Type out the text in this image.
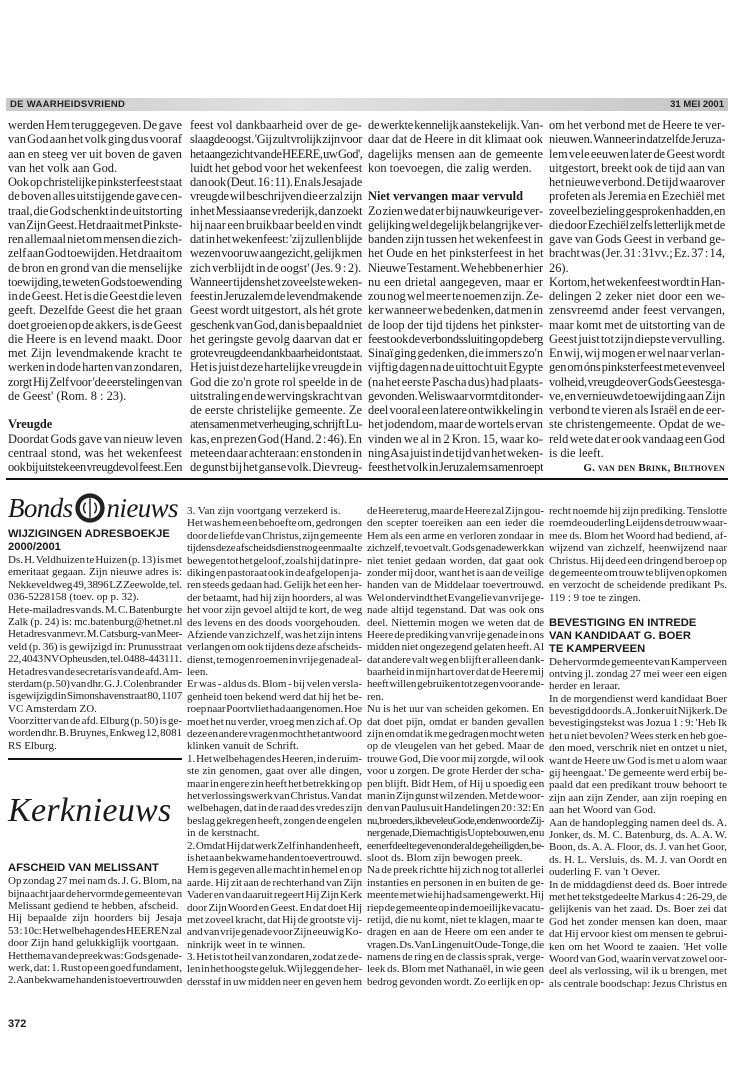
DE WAARHEIDSVRIEND	31 MEI 2001
werden Hem teruggegeven. De gave
van God aan het volk ging dus vooraf
aan en steeg ver uit boven de gaven
van het volk aan God.
Ook op christelijke pinksterfeest staat
de boven alles uitstijgende gave cen-
traal, die God schenkt in de uitstorting
van Zijn Geest. Het draait met Pinkste-
ren allemaal niet om mensen die zich-
zelf aan God toewijden. Het draait om
de bron en grond van die menselijke
toewijding, te weten Gods toewending
in de Geest. Het is die Geest die leven
geeft. Dezelfde Geest die het graan
doet groeien op de akkers, is de Geest
die Heere is en levend maakt. Door
met Zijn levendmakende kracht te
werken in dode harten van zondaren,
zorgt Hij Zelf voor 'de eerstelingen van
de Geest' (Rom. 8 : 23).
Vreugde
Doordat Gods gave van nieuw leven
centraal stond, was het wekenfeest
ook bij uitstek een vreugdevol feest. Een
feest vol dankbaarheid over de ge-
slaagde oogst. 'Gij zult vrolijk zijn voor
het aangezicht van de HEERE, uw God',
luidt het gebod voor het wekenfeest
dan ook (Deut. 16 : 11). En als Jesaja de
vreugde wil beschrijven die er zal zijn
in het Messiaanse vrederijk, dan zoekt
hij naar een bruikbaar beeld en vindt
dat in het wekenfeest: 'zij zullen blijde
wezen voor uw aangezicht, gelijk men
zich verblijdt in de oogst' (Jes. 9 : 2).
Wanneer tijdens het zoveelste weken-
feest in Jeruzalem de levendmakende
Geest wordt uitgestort, als hét grote
geschenk van God, dan is bepaald niet
het geringste gevolg daarvan dat er
grote vreugde en dankbaarheid ontstaat.
Het is juist deze hartelijke vreugde in
God die zo'n grote rol speelde in de
uitstraling en de wervingskracht van
de eerste christelijke gemeente. Ze
aten samen met verheuging, schrijft Lu-
kas, en prezen God (Hand. 2 : 46). En
meteen daar achteraan: en stonden in
de gunst bij het ganse volk. Die vreug-
de werkte kennelijk aanstekelijk. Van-
daar dat de Heere in dit klimaat ook
dagelijks mensen aan de gemeente
kon toevoegen, die zalig werden.
Niet vervangen maar vervuld
Zo zien we dat er bij nauwkeurige ver-
gelijking wel degelijk belangrijke ver-
banden zijn tussen het wekenfeest in
het Oude en het pinksterfeest in het
Nieuwe Testament. We hebben er hier
nu een drietal aangegeven, maar er
zou nog wel meer te noemen zijn. Ze-
ker wanneer we bedenken, dat men in
de loop der tijd tijdens het pinkster-
feest ook de verbondssluiting op de berg
Sinaï ging gedenken, die immers zo'n
vijftig dagen na de uittocht uit Egypte
(na het eerste Pascha dus) had plaats-
gevonden. Weliswaar vormt dit onder-
deel vooral een latere ontwikkeling in
het jodendom, maar de wortels ervan
vinden we al in 2 Kron. 15, waar ko-
ning Asa juist in de tijd van het weken-
feest het volk in Jeruzalem samenroept
om het verbond met de Heere te ver-
nieuwen. Wanneer in datzelfde Jeruza-
lem vele eeuwen later de Geest wordt
uitgestort, breekt ook de tijd aan van
het nieuwe verbond. De tijd waarover
profeten als Jeremia en Ezechiël met
zoveel bezieling gesproken hadden, en
die door Ezechiël zelfs letterlijk met de
gave van Gods Geest in verband ge-
bracht was (Jer. 31 : 31vv.; Ez. 37 : 14,
26).
Kortom, het wekenfeest wordt in Han-
delingen 2 zeker niet door een we-
zensvreemd ander feest vervangen,
maar komt met de uitstorting van de
Geest juist tot zijn diepste vervulling.
En wij, wij mogen er wel naar verlan-
gen om óns pinksterfeest met evenveel
volheid, vreugde over Gods Geestesga-
ve, en vernieuwde toewijding aan Zijn
verbond te vieren als Israël en de eer-
ste christengemeente. Opdat de we-
reld wete dat er ook vandaag een God
is die leeft.
G. van den Brink, Bilthoven
Bonds nieuws
WIJZIGINGEN ADRESBOEKJE
2000/2001
Ds. H. Veldhuizen te Huizen (p. 13) is met
emeritaat gegaan. Zijn nieuwe adres is:
Nekkeveldweg 49, 3896 LZ Zeewolde, tel.
036-5228158 (toev. op p. 32).
Het e-mailadres van ds. M. C. Batenburg te
Zalk (p. 24) is: mc.batenburg@hetnet.nl
Het adres van mevr. M. Catsburg-van Meer-
veld (p. 36) is gewijzigd in: Prunusstraat
22, 4043 NV Opheusden, tel. 0488-443111.
Het adres van de secretaris van de afd. Am-
sterdam (p. 50) van dhr. G. J. Colenbrander
is gewijzigd in Simonshavenstraat 80, 1107
VC Amsterdam ZO.
Voorzitter van de afd. Elburg (p. 50) is ge-
worden dhr. B. Bruynes, Enkweg 12, 8081
RS Elburg.
Kerknieuws
AFSCHEID VAN MELISSANT
Op zondag 27 mei nam ds. J. G. Blom, na
bijna acht jaar de hervormde gemeente van
Melissant gediend te hebben, afscheid.
Hij bepaalde zijn hoorders bij Jesaja
53 : 10c: Het welbehagen des HEEREN zal
door Zijn hand gelukkiglijk voortgaan.
Het thema van de preek was: Gods genade-
werk, dat: 1. Rust op een goed fundament,
2. Aan bekwame handen is toevertrouwd en
3. Van zijn voortgang verzekerd is.
Het was hem een behoefte om, gedrongen
door de liefde van Christus, zijn gemeente
tijdens deze afscheidsdienst nog eenmaal te
bewegen tot het geloof, zoals hij dat in pre-
diking en pastoraat ook in de afgelopen ja-
ren steeds gedaan had. Gelijk het een her-
der betaamt, had hij zijn hoorders, al was
het voor zijn gevoel altijd te kort, de weg
des levens en des doods voorgehouden.
Afziende van zichzelf, was het zijn intens
verlangen om ook tijdens deze afscheids-
dienst, te mogen roemen in vrije genade al-
leen.
Er was - aldus ds. Blom - bij velen versla-
genheid toen bekend werd dat hij het be-
roep naar Poortvliet had aangenomen. Hoe
moet het nu verder, vroeg men zich af. Op
deze en andere vragen mocht het antwoord
klinken vanuit de Schrift.
1. Het welbehagen des Heeren, in de ruim-
ste zin genomen, gaat over alle dingen,
maar in engere zin heeft het betrekking op
het verlossingswerk van Christus. Van dat
welbehagen, dat in de raad des vredes zijn
beslag gekregen heeft, zongen de engelen
in de kerstnacht.
2. Omdat Hij dat werk Zelf in handen heeft,
is het aan bekwame handen toevertrouwd.
Hem is gegeven alle macht in hemel en op
aarde. Hij zit aan de rechterhand van Zijn
Vader en van daaruit regeert Hij Zijn Kerk
door Zijn Woord en Geest. En dat doet Hij
met zoveel kracht, dat Hij de grootste vij-
and van vrije genade voor Zijn eeuwig Ko-
ninkrijk weet in te winnen.
3. Het is tot heil van zondaren, zodat ze de-
len in het hoogste geluk. Wij leggen de her-
dersstaf in uw midden neer en geven hem
de Heere terug, maar de Heere zal Zijn gou-
den scepter toereiken aan een ieder die
Hem als een arme en verloren zondaar in
zichzelf, te voet valt. Gods genadewerk kan
niet teniet gedaan worden, dat gaat ook
zonder mij door, want het is aan de veilige
handen van de Middelaar toevertrouwd.
Wel ondervindt het Evangelie van vrije ge-
nade altijd tegenstand. Dat was ook ons
deel. Niettemin mogen we weten dat de
Heere de prediking van vrije genade in ons
midden niet ongezegend gelaten heeft. Al
dat andere valt weg en blijft er alleen dank-
baarheid in mijn hart over dat de Heere mij
heeft willen gebruiken tot zegen voor ande-
ren.
Nu is het uur van scheiden gekomen. En
dat doet pijn, omdat er banden gevallen
zijn en omdat ik me gedragen mocht weten
op de vleugelen van het gebed. Maar de
trouwe God, Die voor mij zorgde, wil ook
voor u zorgen. De grote Herder der scha-
pen blijft. Bidt Hem, of Hij u spoedig een
man in Zijn gunst wil zenden. Met de woor-
den van Paulus uit Handelingen 20 : 32: En
nu, broeders, ik bevele u Gode, en den woorde Zij-
ner genade, Die machtig is U op te bouwen, en u
een erfdeel te geven onder al de geheiligden, be-
sloot ds. Blom zijn bewogen preek.
Na de preek richtte hij zich nog tot allerlei
instanties en personen in en buiten de ge-
meente met wie hij had samengewerkt. Hij
riep de gemeente op in de moeilijke vacatu-
retijd, die nu komt, niet te klagen, maar te
dragen en aan de Heere om een ander te
vragen. Ds. Van Lingen uit Oude-Tonge, die
namens de ring en de classis sprak, verge-
leek ds. Blom met Nathanaël, in wie geen
bedrog gevonden wordt. Zo eerlijk en op-
recht noemde hij zijn prediking. Tenslotte
roemde ouderling Leijdens de trouw waar-
mee ds. Blom het Woord had bediend, af-
wijzend van zichzelf, heenwijzend naar
Christus. Hij deed een dringend beroep op
de gemeente om trouw te blijven opkomen
en verzocht de scheidende predikant Ps.
119 : 9 toe te zingen.
BEVESTIGING EN INTREDE
VAN KANDIDAAT G. BOER
TE KAMPERVEEN
De hervormde gemeente van Kamperveen
ontving jl. zondag 27 mei weer een eigen
herder en leraar.
In de morgendienst werd kandidaat Boer
bevestigd door ds. A. Jonker uit Nijkerk. De
bevestigingstekst was Jozua 1 : 9: 'Heb Ik
het u niet bevolen? Wees sterk en heb goe-
den moed, verschrik niet en ontzet u niet,
want de Heere uw God is met u alom waar
gij heengaat.' De gemeente werd erbij be-
paald dat een predikant trouw behoort te
zijn aan zijn Zender, aan zijn roeping en
aan het Woord van God.
Aan de handoplegging namen deel ds. A.
Jonker, ds. M. C. Batenburg, ds. A. A. W.
Boon, ds. A. A. Floor, ds. J. van het Goor,
ds. H. L. Versluis, ds. M. J. van Oordt en
ouderling F. van 't Oever.
In de middagdienst deed ds. Boer intrede
met het tekstgedeelte Markus 4 : 26-29, de
gelijkenis van het zaad. Ds. Boer zei dat
God het zonder mensen kan doen, maar
dat Hij ervoor kiest om mensen te gebrui-
ken om het Woord te zaaien. 'Het volle
Woord van God, waarin vervat zowel oor-
deel als verlossing, wil ik u brengen, met
als centrale boodschap: Jezus Christus en
372
